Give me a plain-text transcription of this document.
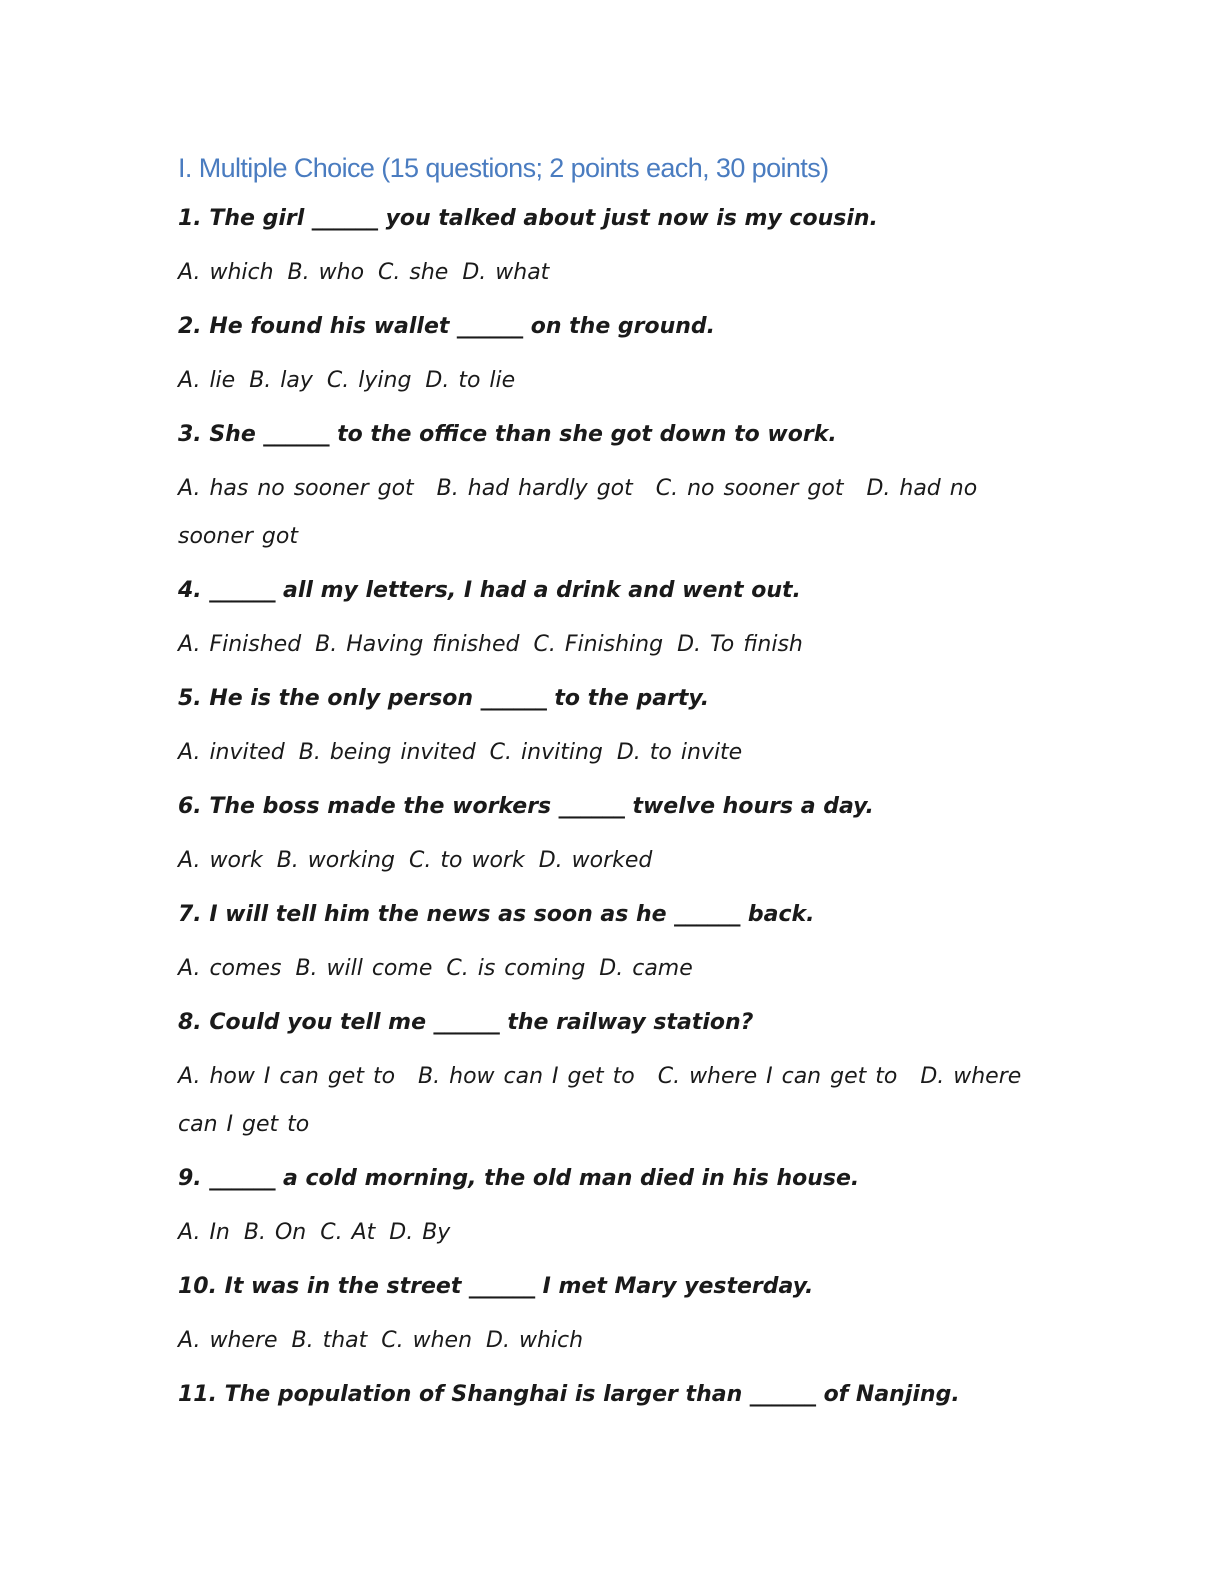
I. Multiple Choice (15 questions; 2 points each, 30 points)
1. The girl ______ you talked about just now is my cousin.
A. which B. who C. she D. what
2. He found his wallet ______ on the ground.
A. lie B. lay C. lying D. to lie
3. She ______ to the office than she got down to work.
A. has no sooner got B. had hardly got C. no sooner got D. had no sooner got
4. ______ all my letters, I had a drink and went out.
A. Finished B. Having finished C. Finishing D. To finish
5. He is the only person ______ to the party.
A. invited B. being invited C. inviting D. to invite
6. The boss made the workers ______ twelve hours a day.
A. work B. working C. to work D. worked
7. I will tell him the news as soon as he ______ back.
A. comes B. will come C. is coming D. came
8. Could you tell me ______ the railway station?
A. how I can get to B. how can I get to C. where I can get to D. where can I get to
9. ______ a cold morning, the old man died in his house.
A. In B. On C. At D. By
10. It was in the street ______ I met Mary yesterday.
A. where B. that C. when D. which
11. The population of Shanghai is larger than ______ of Nanjing.
